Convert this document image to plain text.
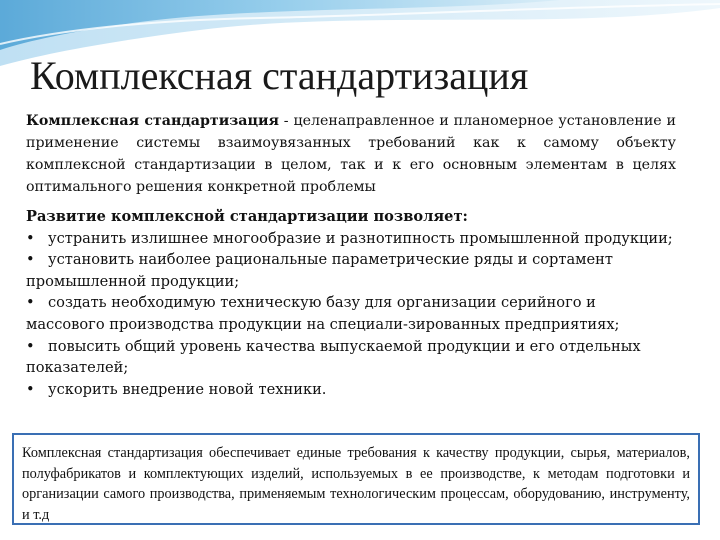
Комплексная стандартизация
Комплексная стандартизация - целенаправленное и планомерное установление и применение системы взаимоувязанных требований как к самому объекту комплексной стандартизации в целом, так и к его основным элементам в целях оптимального решения конкретной проблемы
Развитие комплексной стандартизации позволяет:
• устранить излишнее многообразие и разнотипность промышленной продукции;
• установить наиболее рациональные параметрические ряды и сортамент промышленной продукции;
• создать необходимую техническую базу для организации серийного и массового производства продукции на специали-зированных предприятиях;
• повысить общий уровень качества выпускаемой продукции и его отдельных показателей;
• ускорить внедрение новой техники.
Комплексная стандартизация обеспечивает единые требования к качеству продукции, сырья, материалов, полуфабрикатов и комплектующих изделий, используемых в ее производстве, к методам подготовки и организации самого производства, применяемым технологическим процессам, оборудованию, инструменту, и т.д
